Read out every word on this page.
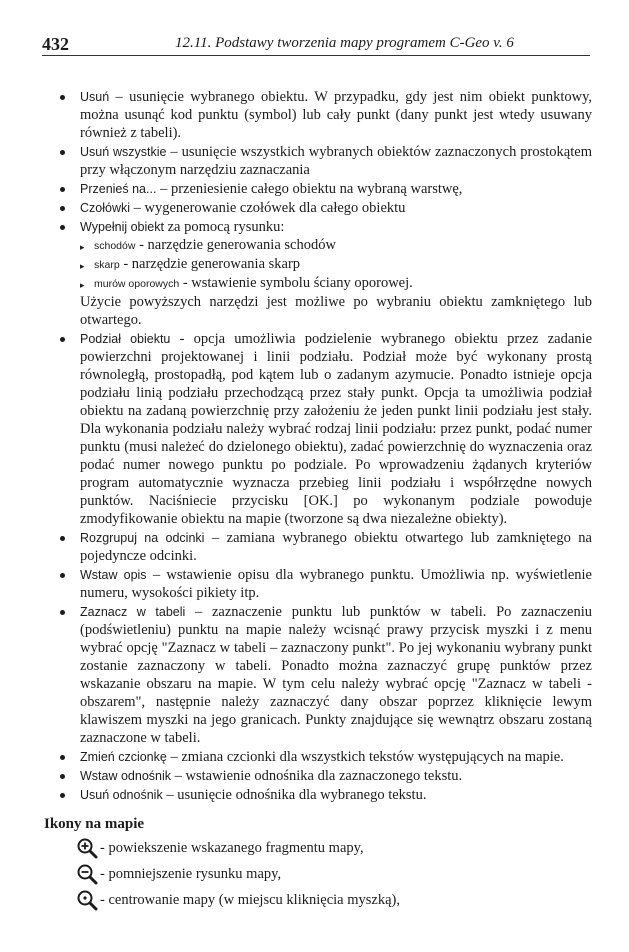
432	12.11. Podstawy tworzenia mapy programem C-Geo v. 6
Usuń – usunięcie wybranego obiektu. W przypadku, gdy jest nim obiekt punktowy, można usunąć kod punktu (symbol) lub cały punkt (dany punkt jest wtedy usuwany również z tabeli).
Usuń wszystkie – usunięcie wszystkich wybranych obiektów zaznaczonych prostokątem przy włączonym narzędziu zaznaczania
Przenieś na... – przeniesienie całego obiektu na wybraną warstwę,
Czołówki – wygenerowanie czołówek dla całego obiektu
Wypełnij obiekt za pomocą rysunku:
▸ schodów - narzędzie generowania schodów
▸ skarp - narzędzie generowania skarp
▸ murów oporowych - wstawienie symbolu ściany oporowej.

Użycie powyższych narzędzi jest możliwe po wybraniu obiektu zamkniętego lub otwartego.

Podział obiektu - opcja umożliwia podzielenie wybranego obiektu przez zadanie powierzchni projektowanej i linii podziału. Podział może być wykonany prostą równoległą, prostopadłą, pod kątem lub o zadanym azymucie. Ponadto istnieje opcja podziału linią podziału przechodzącą przez stały punkt. Opcja ta umożliwia podział obiektu na zadaną powierzchnię przy założeniu że jeden punkt linii podziału jest stały. Dla wykonania podziału należy wybrać rodzaj linii podziału: przez punkt, podać numer punktu (musi należeć do dzielonego obiektu), zadać powierzchnię do wyznaczenia oraz podać numer nowego punktu po podziale. Po wprowadzeniu żądanych kryteriów program automatycznie wyznacza przebieg linii podziału i współrzędne nowych punktów. Naciśniecie przycisku [OK.] po wykonanym podziale powoduje zmodyfikowanie obiektu na mapie (tworzone są dwa niezależne obiekty).
Rozgrupuj na odcinki – zamiana wybranego obiektu otwartego lub zamkniętego na pojedyncze odcinki.
Wstaw opis – wstawienie opisu dla wybranego punktu. Umożliwia np. wyświetlenie numeru, wysokości pikiety itp.
Zaznacz w tabeli – zaznaczenie punktu lub punktów w tabeli. Po zaznaczeniu (podświetleniu) punktu na mapie należy wcisnąć prawy przycisk myszki i z menu wybrać opcję "Zaznacz w tabeli – zaznaczony punkt". Po jej wykonaniu wybrany punkt zostanie zaznaczony w tabeli. Ponadto można zaznaczyć grupę punktów przez wskazanie obszaru na mapie. W tym celu należy wybrać opcję "Zaznacz w tabeli - obszarem", następnie należy zaznaczyć dany obszar poprzez kliknięcie lewym klawiszem myszki na jego granicach. Punkty znajdujące się wewnątrz obszaru zostaną zaznaczone w tabeli.
Zmień czcionkę – zmiana czcionki dla wszystkich tekstów występujących na mapie.
Wstaw odnośnik – wstawienie odnośnika dla zaznaczonego tekstu.
Usuń odnośnik – usunięcie odnośnika dla wybranego tekstu.
Ikony na mapie
- powiekszenie wskazanego fragmentu mapy,
- pomniejszenie rysunku mapy,
- centrowanie mapy (w miejscu kliknięcia myszką),
